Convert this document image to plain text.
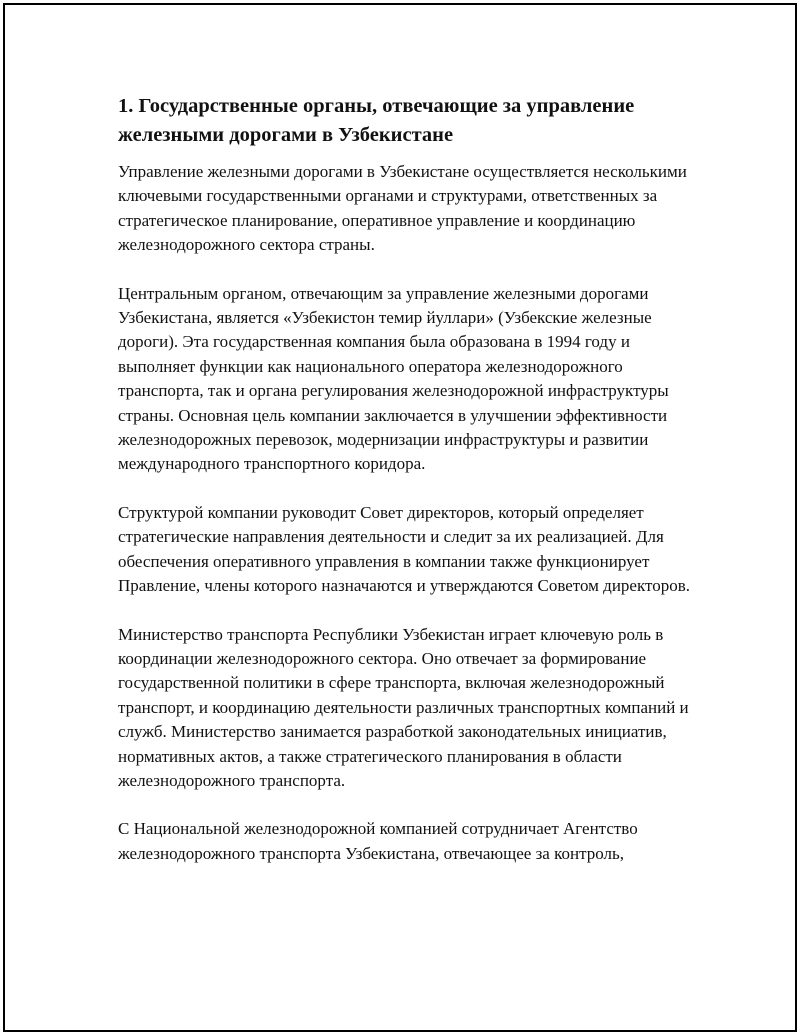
1. Государственные органы, отвечающие за управление железными дорогами в Узбекистане

Управление железными дорогами в Узбекистане осуществляется несколькими ключевыми государственными органами и структурами, ответственных за стратегическое планирование, оперативное управление и координацию железнодорожного сектора страны.

Центральным органом, отвечающим за управление железными дорогами Узбекистана, является «Узбекистон темир йуллари» (Узбекские железные дороги). Эта государственная компания была образована в 1994 году и выполняет функции как национального оператора железнодорожного транспорта, так и органа регулирования железнодорожной инфраструктуры страны. Основная цель компании заключается в улучшении эффективности железнодорожных перевозок, модернизации инфраструктуры и развитии международного транспортного коридора.

Структурой компании руководит Совет директоров, который определяет стратегические направления деятельности и следит за их реализацией. Для обеспечения оперативного управления в компании также функционирует Правление, члены которого назначаются и утверждаются Советом директоров.

Министерство транспорта Республики Узбекистан играет ключевую роль в координации железнодорожного сектора. Оно отвечает за формирование государственной политики в сфере транспорта, включая железнодорожный транспорт, и координацию деятельности различных транспортных компаний и служб. Министерство занимается разработкой законодательных инициатив, нормативных актов, а также стратегического планирования в области железнодорожного транспорта.

С Национальной железнодорожной компанией сотрудничает Агентство железнодорожного транспорта Узбекистана, отвечающее за контроль,
